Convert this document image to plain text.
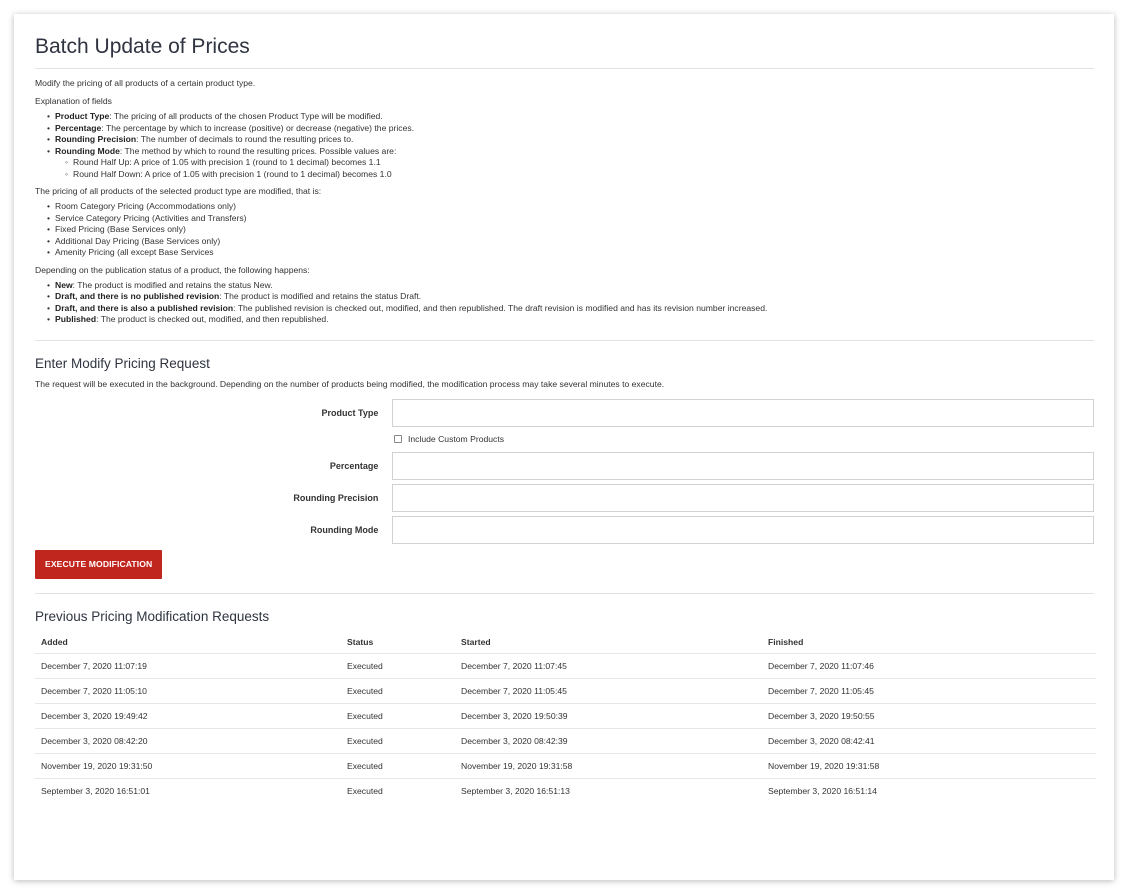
Batch Update of Prices

Modify the pricing of all products of a certain product type.

Explanation of fields

• Product Type: The pricing of all products of the chosen Product Type will be modified.
• Percentage: The percentage by which to increase (positive) or decrease (negative) the prices.
• Rounding Precision: The number of decimals to round the resulting prices to.
• Rounding Mode: The method by which to round the resulting prices. Possible values are:
◦ Round Half Up: A price of 1.05 with precision 1 (round to 1 decimal) becomes 1.1
◦ Round Half Down: A price of 1.05 with precision 1 (round to 1 decimal) becomes 1.0

The pricing of all products of the selected product type are modified, that is:

• Room Category Pricing (Accommodations only)
• Service Category Pricing (Activities and Transfers)
• Fixed Pricing (Base Services only)
• Additional Day Pricing (Base Services only)
• Amenity Pricing (all except Base Services

Depending on the publication status of a product, the following happens:

• New: The product is modified and retains the status New.
• Draft, and there is no published revision: The product is modified and retains the status Draft.
• Draft, and there is also a published revision: The published revision is checked out, modified, and then republished. The draft revision is modified and has its revision number increased.
• Published: The product is checked out, modified, and then republished.
Enter Modify Pricing Request

The request will be executed in the background. Depending on the number of products being modified, the modification process may take several minutes to execute.

Product Type
Include Custom Products
Percentage
Rounding Precision
Rounding Mode
EXECUTE MODIFICATION
Previous Pricing Modification Requests
Added	Status	Started	Finished
December 7, 2020 11:07:19	Executed	December 7, 2020 11:07:45	December 7, 2020 11:07:46
December 7, 2020 11:05:10	Executed	December 7, 2020 11:05:45	December 7, 2020 11:05:45
December 3, 2020 19:49:42	Executed	December 3, 2020 19:50:39	December 3, 2020 19:50:55
December 3, 2020 08:42:20	Executed	December 3, 2020 08:42:39	December 3, 2020 08:42:41
November 19, 2020 19:31:50	Executed	November 19, 2020 19:31:58	November 19, 2020 19:31:58
September 3, 2020 16:51:01	Executed	September 3, 2020 16:51:13	September 3, 2020 16:51:14
